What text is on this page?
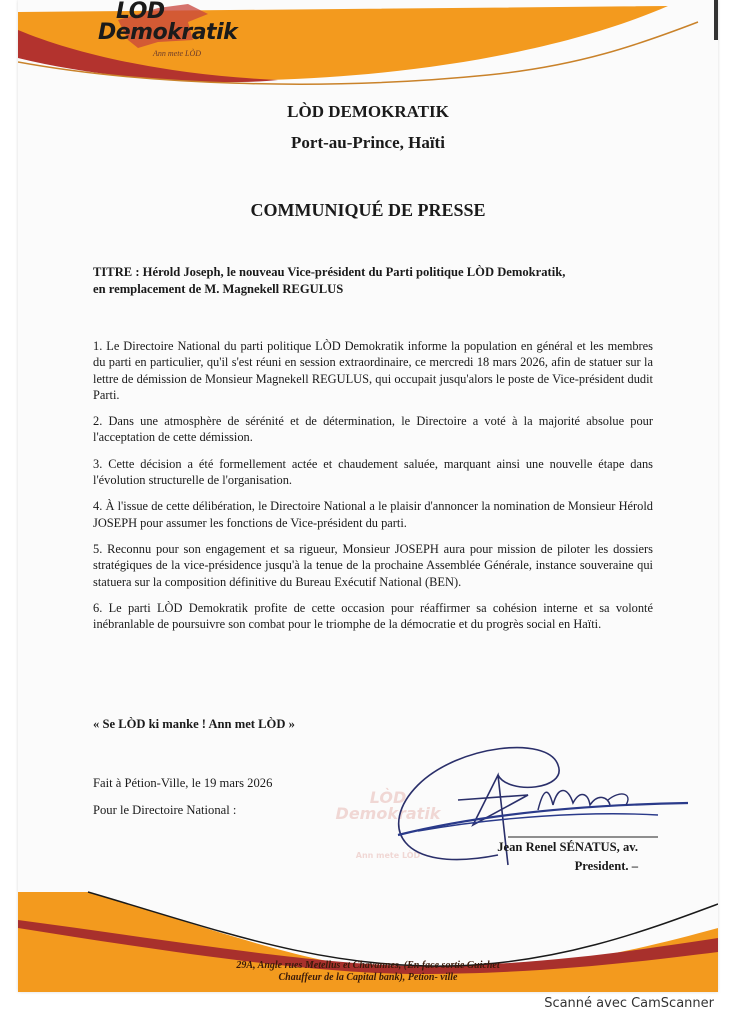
LÒD
Demokratik
Ann mete LÒD
LÒD DEMOKRATIK
Port-au-Prince, Haïti
COMMUNIQUÉ DE PRESSE
TITRE : Hérold Joseph, le nouveau Vice-président du Parti politique LÒD Demokratik,
en remplacement de M. Magnekell REGULUS

1. Le Directoire National du parti politique LÒD Demokratik informe la population en général et les membres du parti en particulier, qu'il s'est réuni en session extraordinaire, ce mercredi 18 mars 2026, afin de statuer sur la lettre de démission de Monsieur Magnekell REGULUS, qui occupait jusqu'alors le poste de Vice-président dudit Parti.

2. Dans une atmosphère de sérénité et de détermination, le Directoire a voté à la majorité absolue pour l'acceptation de cette démission.

3. Cette décision a été formellement actée et chaudement saluée, marquant ainsi une nouvelle étape dans l'évolution structurelle de l'organisation.

4. À l'issue de cette délibération, le Directoire National a le plaisir d'annoncer la nomination de Monsieur Hérold JOSEPH pour assumer les fonctions de Vice-président du parti.

5. Reconnu pour son engagement et sa rigueur, Monsieur JOSEPH aura pour mission de piloter les dossiers stratégiques de la vice-présidence jusqu'à la tenue de la prochaine Assemblée Générale, instance souveraine qui statuera sur la composition définitive du Bureau Exécutif National (BEN).

6. Le parti LÒD Demokratik profite de cette occasion pour réaffirmer sa cohésion interne et sa volonté inébranlable de poursuivre son combat pour le triomphe de la démocratie et du progrès social en Haïti.

« Se LÒD ki manke ! Ann met LÒD »
LÒD
Demokratik
Ann mete LÒD
Fait à Pétion-Ville, le 19 mars 2026
Pour le Directoire National :
Jean Renel SÉNATUS, av.
President. –
29A, Angle rues Metellus et Chavannes, (En face sortie Guichet
Chauffeur de la Capital bank), Petion- ville
Scanné avec CamScanner
